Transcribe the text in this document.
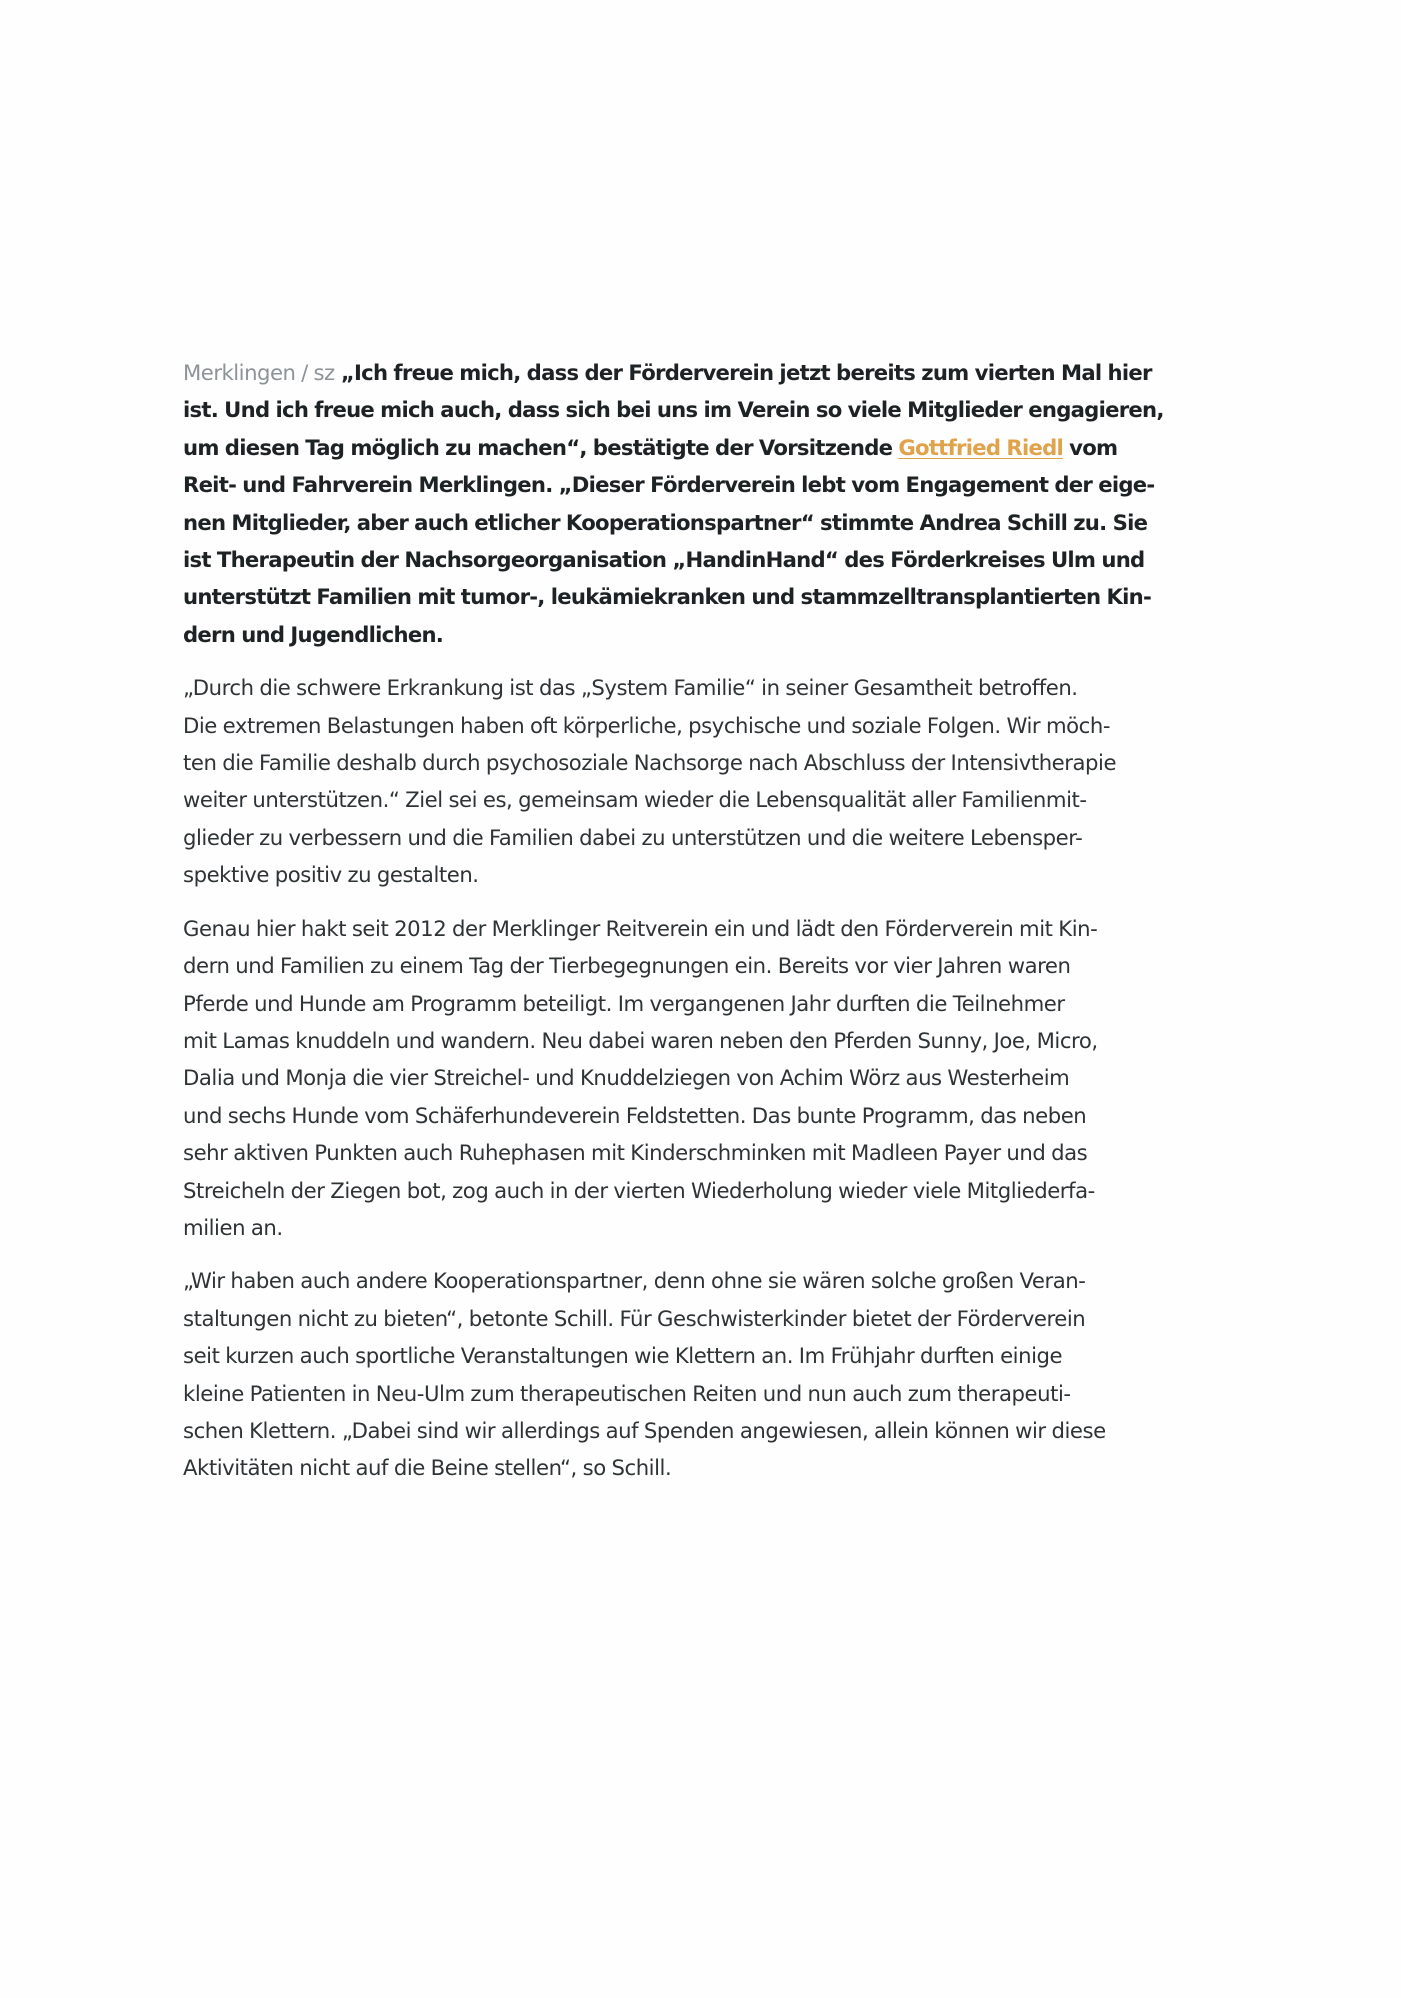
Merklingen / sz „Ich freue mich, dass der Förderverein jetzt bereits zum vierten Mal hier
ist. Und ich freue mich auch, dass sich bei uns im Verein so viele Mitglieder engagieren,
um diesen Tag möglich zu machen“, bestätigte der Vorsitzende Gottfried Riedl vom
Reit- und Fahrverein Merklingen. „Dieser Förderverein lebt vom Engagement der eige-
nen Mitglieder, aber auch etlicher Kooperationspartner“ stimmte Andrea Schill zu. Sie
ist Therapeutin der Nachsorgeorganisation „HandinHand“ des Förderkreises Ulm und
unterstützt Familien mit tumor-, leukämiekranken und stammzelltransplantierten Kin-
dern und Jugendlichen.

„Durch die schwere Erkrankung ist das „System Familie“ in seiner Gesamtheit betroffen.
Die extremen Belastungen haben oft körperliche, psychische und soziale Folgen. Wir möch-
ten die Familie deshalb durch psychosoziale Nachsorge nach Abschluss der Intensivtherapie
weiter unterstützen.“ Ziel sei es, gemeinsam wieder die Lebensqualität aller Familienmit-
glieder zu verbessern und die Familien dabei zu unterstützen und die weitere Lebensper-
spektive positiv zu gestalten.

Genau hier hakt seit 2012 der Merklinger Reitverein ein und lädt den Förderverein mit Kin-
dern und Familien zu einem Tag der Tierbegegnungen ein. Bereits vor vier Jahren waren
Pferde und Hunde am Programm beteiligt. Im vergangenen Jahr durften die Teilnehmer
mit Lamas knuddeln und wandern. Neu dabei waren neben den Pferden Sunny, Joe, Micro,
Dalia und Monja die vier Streichel- und Knuddelziegen von Achim Wörz aus Westerheim
und sechs Hunde vom Schäferhundeverein Feldstetten. Das bunte Programm, das neben
sehr aktiven Punkten auch Ruhephasen mit Kinderschminken mit Madleen Payer und das
Streicheln der Ziegen bot, zog auch in der vierten Wiederholung wieder viele Mitgliederfa-
milien an.

„Wir haben auch andere Kooperationspartner, denn ohne sie wären solche großen Veran-
staltungen nicht zu bieten“, betonte Schill. Für Geschwisterkinder bietet der Förderverein
seit kurzen auch sportliche Veranstaltungen wie Klettern an. Im Frühjahr durften einige
kleine Patienten in Neu-Ulm zum therapeutischen Reiten und nun auch zum therapeuti-
schen Klettern. „Dabei sind wir allerdings auf Spenden angewiesen, allein können wir diese
Aktivitäten nicht auf die Beine stellen“, so Schill.
